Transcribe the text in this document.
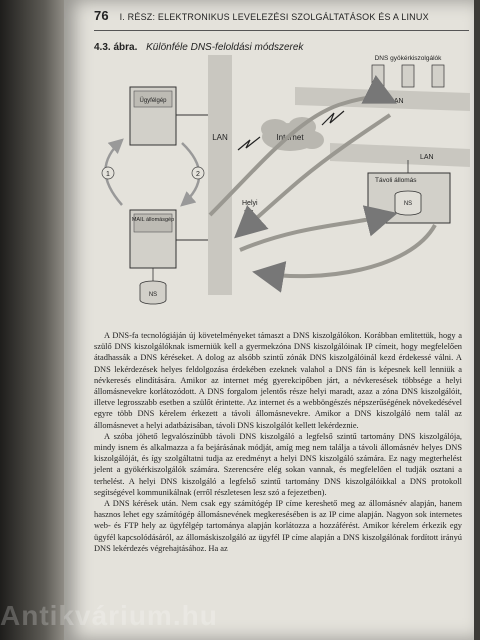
76 I. RÉSZ: ELEKTRONIKUS LEVELEZÉSI SZOLGÁLTATÁSOK ÉS A LINUX
4.3. ábra. Különféle DNS-feloldási módszerek
LAN
LAN
LAN
Ügyfélgép
MAIL állomásgép
NS
Helyi
NS
1	2
Internet
DNS gyökérkiszolgálók
Távoli állomás
NS

A DNS-fa tecnológiáján új követelményeket támaszt a DNS kiszolgálókon. Korábban emlitettük, hogy a szülő DNS kiszolgálóknak ismerniük kell a gyermekzóna DNS kiszolgálóinak IP címeit, hogy megfelelően átadhassák a DNS kéréseket. A dolog az alsóbb szintű zónák DNS kiszolgálóinál kezd érdekessé válni. A DNS lekérdezések helyes feldolgozása érdekében ezeknek valahol a DNS fán is képesnek kell lenniük a névkeresés elindítására. Amikor az internet még gyerekcipőben járt, a névkeresések többsége a helyi állomásnevekre korlátozódott. A DNS forgalom jelentős része helyi maradt, azaz a zóna DNS kiszolgálóit, illetve legrosszabb esetben a szülőt érintette. Az internet és a webböngészés népszerűségének növekedésével egyre több DNS kérelem érkezett a távoli állomásnevekre. Amikor a DNS kiszolgáló nem talál az állomásnevet a helyi adatbázisában, távoli DNS kiszolgálót kellett lekérdeznie.

A szóba jöhető legvalószínűbb távoli DNS kiszolgáló a legfelső szintű tartomány DNS kiszolgálója, mindy isnem és alkalmazza a fa bejárásának módját, amíg meg nem találja a távoli állomásnév helyes DNS kiszolgálóját, és így szolgáltatni tudja az eredményt a helyi DNS kiszolgáló számára. Ez nagy megterhelést jelent a gyökérkiszolgálók számára. Szerencsére elég sokan vannak, és megfelelően el tudják osztani a terhelést. A helyi DNS kiszolgáló a legfelső szintű tartomány DNS kiszolgálóikkal a DNS protokoll segítségével kommunikálnak (erről részletesen lesz szó a fejezetben).

A DNS kérések után. Nem csak egy számítógép IP címe kereshető meg az állomásnév alapján, hanem hasznos lehet egy számítógép állomásnevének megkeresésében is az IP cime alapján. Nagyon sok internetes web- és FTP hely az ügyfélgép tartománya alapján korlátozza a hozzáférést. Amikor kérelem érkezik egy ügyfél kapcsolódásáról, az állomáskiszolgáló az ügyfél IP címe alapján a DNS kiszolgálónak fordított irányú DNS lekérdezés végrehajtásához. Ha az

Antikvárium.hu
